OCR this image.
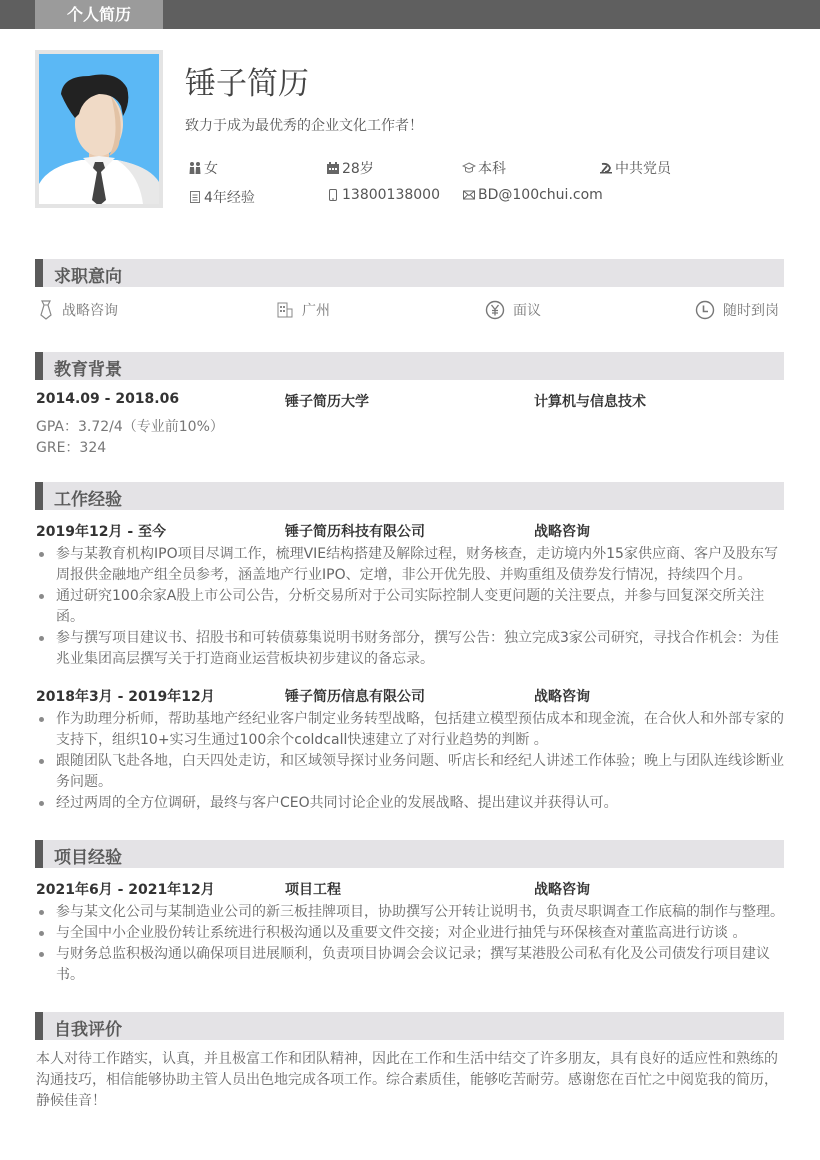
个人简历
锤子简历
致力于成为最优秀的企业文化工作者！
女	28岁	本科	中共党员
4年经验	13800138000	BD@100chui.com
求职意向
战略咨询	广州	面议	随时到岗
教育背景
2014.09 - 2018.06	锤子简历大学	计算机与信息技术
GPA：3.72/4（专业前10%）
GRE：324
工作经验
2019年12月 - 至今	锤子简历科技有限公司	战略咨询
参与某教育机构IPO项目尽调工作，梳理VIE结构搭建及解除过程，财务核查，走访境内外15家供应商、客户及股东写周报供金融地产组全员参考，涵盖地产行业IPO、定增，非公开优先股、并购重组及债券发行情况，持续四个月。
通过研究100余家A股上市公司公告，分析交易所对于公司实际控制人变更问题的关注要点，并参与回复深交所关注函。
参与撰写项目建议书、招股书和可转债募集说明书财务部分，撰写公告：独立完成3家公司研究，寻找合作机会：为佳兆业集团高层撰写关于打造商业运营板块初步建议的备忘录。
2018年3月 - 2019年12月	锤子简历信息有限公司	战略咨询
作为助理分析师，帮助基地产经纪业客户制定业务转型战略，包括建立模型预估成本和现金流，在合伙人和外部专家的支持下，组织10+实习生通过100余个coldcall快速建立了对行业趋势的判断 。
跟随团队飞赴各地，白天四处走访，和区域领导探讨业务问题、听店长和经纪人讲述工作体验；晚上与团队连线诊断业务问题。
经过两周的全方位调研，最终与客户CEO共同讨论企业的发展战略、提出建议并获得认可。
项目经验
2021年6月 - 2021年12月	项目工程	战略咨询
参与某文化公司与某制造业公司的新三板挂牌项目，协助撰写公开转让说明书，负责尽职调查工作底稿的制作与整理。
与全国中小企业股份转让系统进行积极沟通以及重要文件交接；对企业进行抽凭与环保核查对董监高进行访谈 。
与财务总监积极沟通以确保项目进展顺利，负责项目协调会会议记录；撰写某港股公司私有化及公司债发行项目建议书。
自我评价
本人对待工作踏实，认真，并且极富工作和团队精神，因此在工作和生活中结交了许多朋友，具有良好的适应性和熟练的沟通技巧，相信能够协助主管人员出色地完成各项工作。综合素质佳，能够吃苦耐劳。感谢您在百忙之中阅览我的简历，静候佳音！
